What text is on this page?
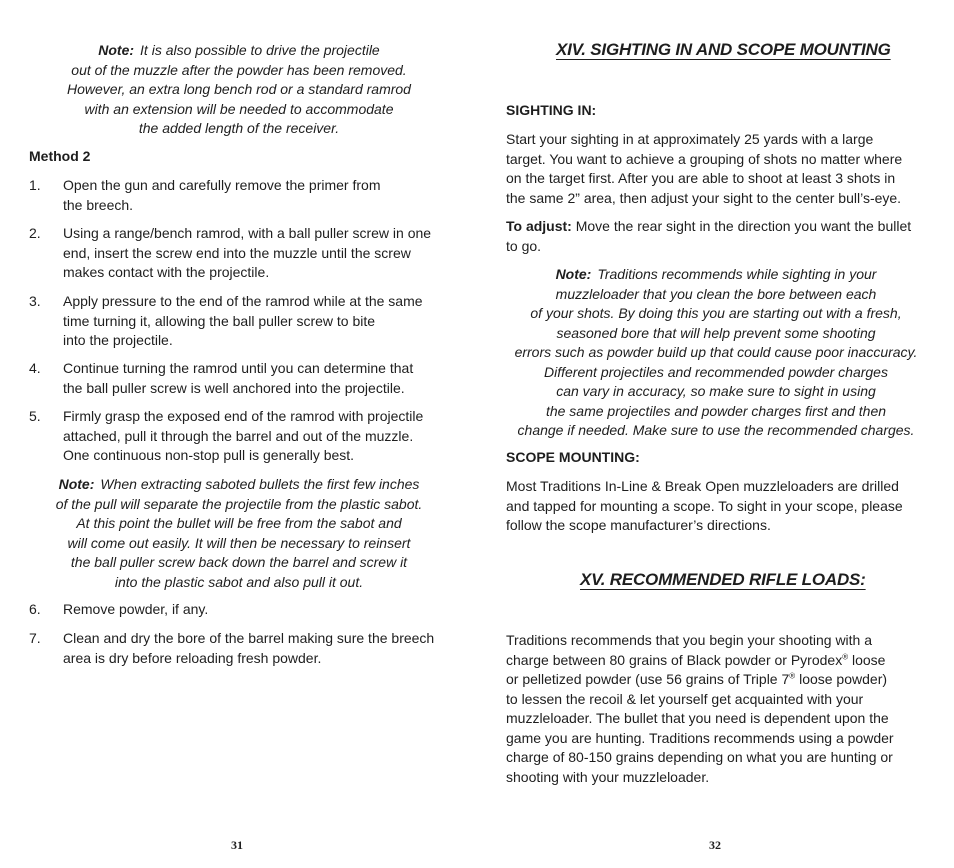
Note: It is also possible to drive the projectile
out of the muzzle after the powder has been removed.
However, an extra long bench rod or a standard ramrod
with an extension will be needed to accommodate
the added length of the receiver.
Method 2
1.	Open the gun and carefully remove the primer from
the breech.
2.	Using a range/bench ramrod, with a ball puller screw in one
end, insert the screw end into the muzzle until the screw
makes contact with the projectile.
3.	Apply pressure to the end of the ramrod while at the same
time turning it, allowing the ball puller screw to bite
into the projectile.
4.	Continue turning the ramrod until you can determine that
the ball puller screw is well anchored into the projectile.
5.	Firmly grasp the exposed end of the ramrod with projectile
attached, pull it through the barrel and out of the muzzle.
One continuous non-stop pull is generally best.
Note: When extracting saboted bullets the first few inches
of the pull will separate the projectile from the plastic sabot.
At this point the bullet will be free from the sabot and
will come out easily. It will then be necessary to reinsert
the ball puller screw back down the barrel and screw it
into the plastic sabot and also pull it out.
6.	Remove powder, if any.
7.	Clean and dry the bore of the barrel making sure the breech
area is dry before reloading fresh powder.
31
XIV. SIGHTING IN AND SCOPE MOUNTING
SIGHTING IN:
Start your sighting in at approximately 25 yards with a large
target. You want to achieve a grouping of shots no matter where
on the target first. After you are able to shoot at least 3 shots in
the same 2” area, then adjust your sight to the center bull’s-eye.
To adjust: Move the rear sight in the direction you want the bullet
to go.
Note: Traditions recommends while sighting in your
muzzleloader that you clean the bore between each
of your shots. By doing this you are starting out with a fresh,
seasoned bore that will help prevent some shooting
errors such as powder build up that could cause poor inaccuracy.
Different projectiles and recommended powder charges
can vary in accuracy, so make sure to sight in using
the same projectiles and powder charges first and then
change if needed. Make sure to use the recommended charges.
SCOPE MOUNTING:
Most Traditions In-Line & Break Open muzzleloaders are drilled
and tapped for mounting a scope. To sight in your scope, please
follow the scope manufacturer’s directions.
XV. RECOMMENDED RIFLE LOADS:
Traditions recommends that you begin your shooting with a
charge between 80 grains of Black powder or Pyrodex® loose
or pelletized powder (use 56 grains of Triple 7® loose powder)
to lessen the recoil & let yourself get acquainted with your
muzzleloader. The bullet that you need is dependent upon the
game you are hunting. Traditions recommends using a powder
charge of 80-150 grains depending on what you are hunting or
shooting with your muzzleloader.
32
